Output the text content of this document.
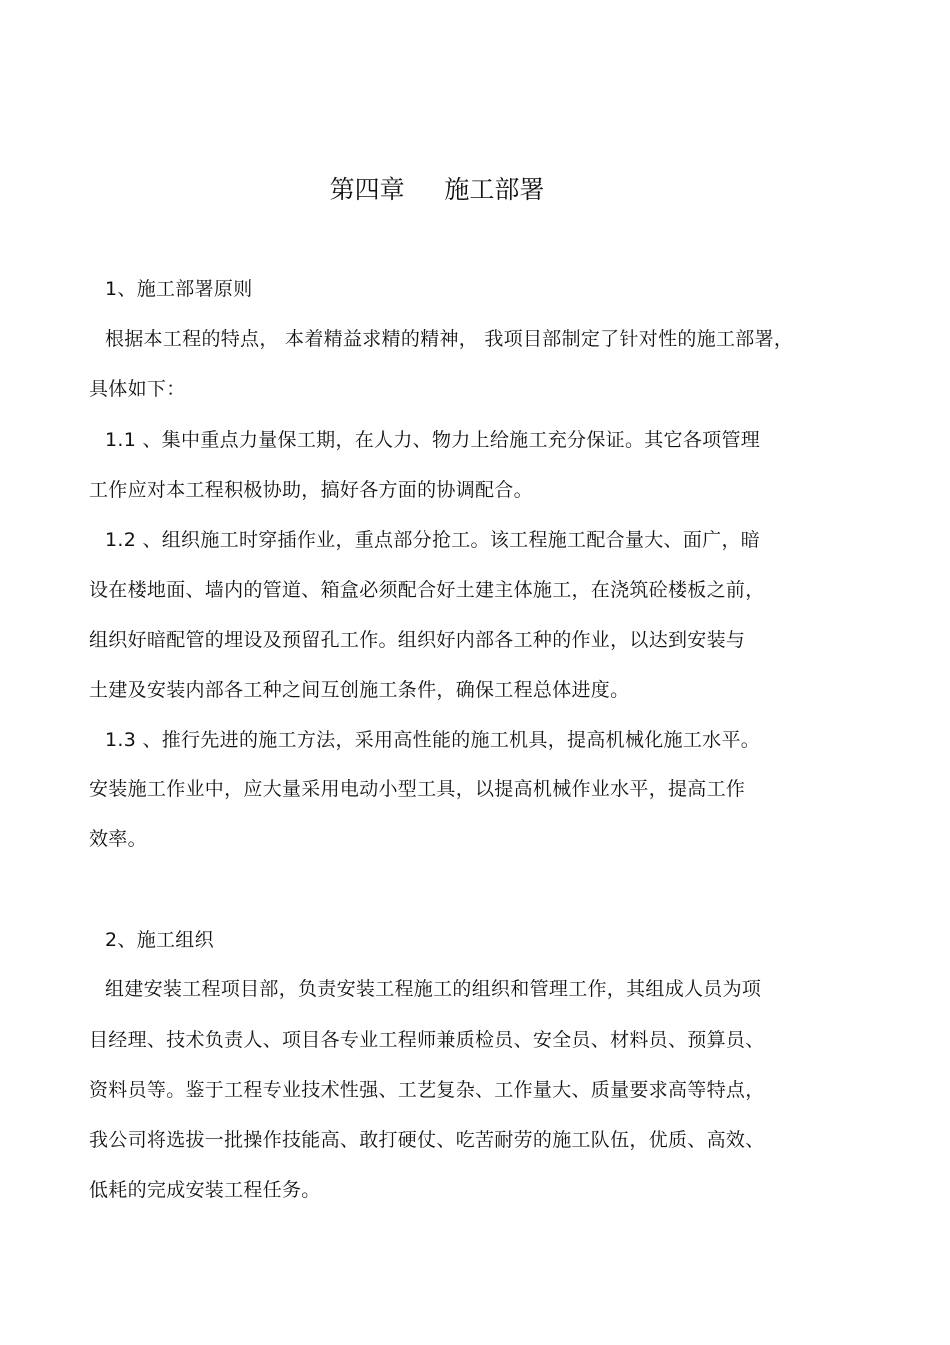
第四章     施工部署
1、施工部署原则
根据本工程的特点， 本着精益求精的精神， 我项目部制定了针对性的施工部署，
具体如下：
1.1 、集中重点力量保工期，在人力、物力上给施工充分保证。其它各项管理
工作应对本工程积极协助，搞好各方面的协调配合。
1.2 、组织施工时穿插作业，重点部分抢工。该工程施工配合量大、面广，暗
设在楼地面、墙内的管道、箱盒必须配合好土建主体施工，在浇筑砼楼板之前，
组织好暗配管的埋设及预留孔工作。组织好内部各工种的作业，以达到安装与
土建及安装内部各工种之间互创施工条件，确保工程总体进度。
1.3 、推行先进的施工方法，采用高性能的施工机具，提高机械化施工水平。
安装施工作业中，应大量采用电动小型工具，以提高机械作业水平，提高工作
效率。
2、施工组织
组建安装工程项目部，负责安装工程施工的组织和管理工作，其组成人员为项
目经理、技术负责人、项目各专业工程师兼质检员、安全员、材料员、预算员、
资料员等。鉴于工程专业技术性强、工艺复杂、工作量大、质量要求高等特点，
我公司将选拔一批操作技能高、敢打硬仗、吃苦耐劳的施工队伍，优质、高效、
低耗的完成安装工程任务。
